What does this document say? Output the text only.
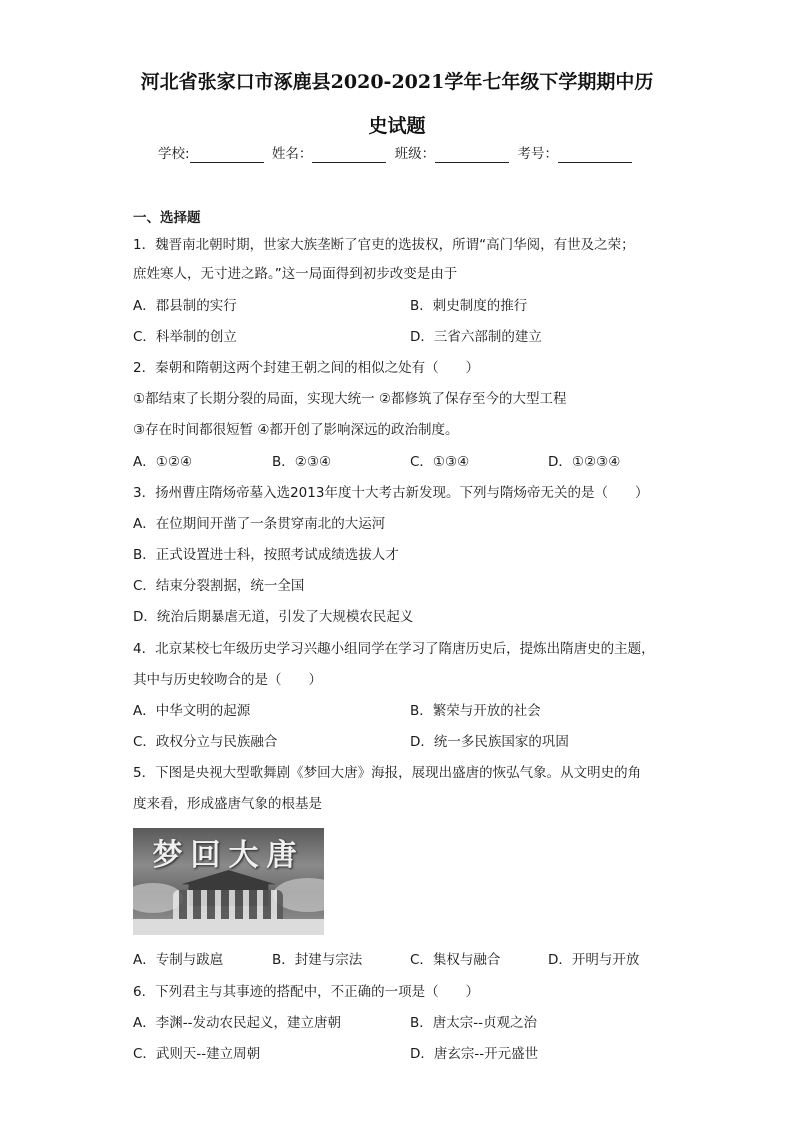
河北省张家口市涿鹿县2020-2021学年七年级下学期期中历
史试题
学校:	姓名：	班级：	考号：
一、选择题
1．魏晋南北朝时期，世家大族垄断了官吏的选拔权，所谓“高门华阅，有世及之荣；
庶姓寒人，无寸进之路。”这一局面得到初步改变是由于
A．郡县制的实行	B．刺史制度的推行
C．科举制的创立	D．三省六部制的建立
2．秦朝和隋朝这两个封建王朝之间的相似之处有（　　）
①都结束了长期分裂的局面，实现大统一 ②都修筑了保存至今的大型工程
③存在时间都很短暂 ④都开创了影响深远的政治制度。
A．①②④	B．②③④	C．①③④	D．①②③④
3．扬州曹庄隋炀帝墓入选2013年度十大考古新发现。下列与隋炀帝无关的是（　　）
A．在位期间开凿了一条贯穿南北的大运河
B．正式设置进士科，按照考试成绩选拔人才
C．结束分裂割据，统一全国
D．统治后期暴虐无道，引发了大规模农民起义
4．北京某校七年级历史学习兴趣小组同学在学习了隋唐历史后，提炼出隋唐史的主题，
其中与历史较吻合的是（　　）
A．中华文明的起源	B．繁荣与开放的社会
C．政权分立与民族融合	D．统一多民族国家的巩固
5．下图是央视大型歌舞剧《梦回大唐》海报，展现出盛唐的恢弘气象。从文明史的角
度来看，形成盛唐气象的根基是
梦回大唐
A．专制与跋扈	B．封建与宗法	C．集权与融合	D．开明与开放
6．下列君主与其事迹的搭配中，不正确的一项是（　　）
A．李渊--发动农民起义，建立唐朝	B．唐太宗--贞观之治
C．武则天--建立周朝	D．唐玄宗--开元盛世
